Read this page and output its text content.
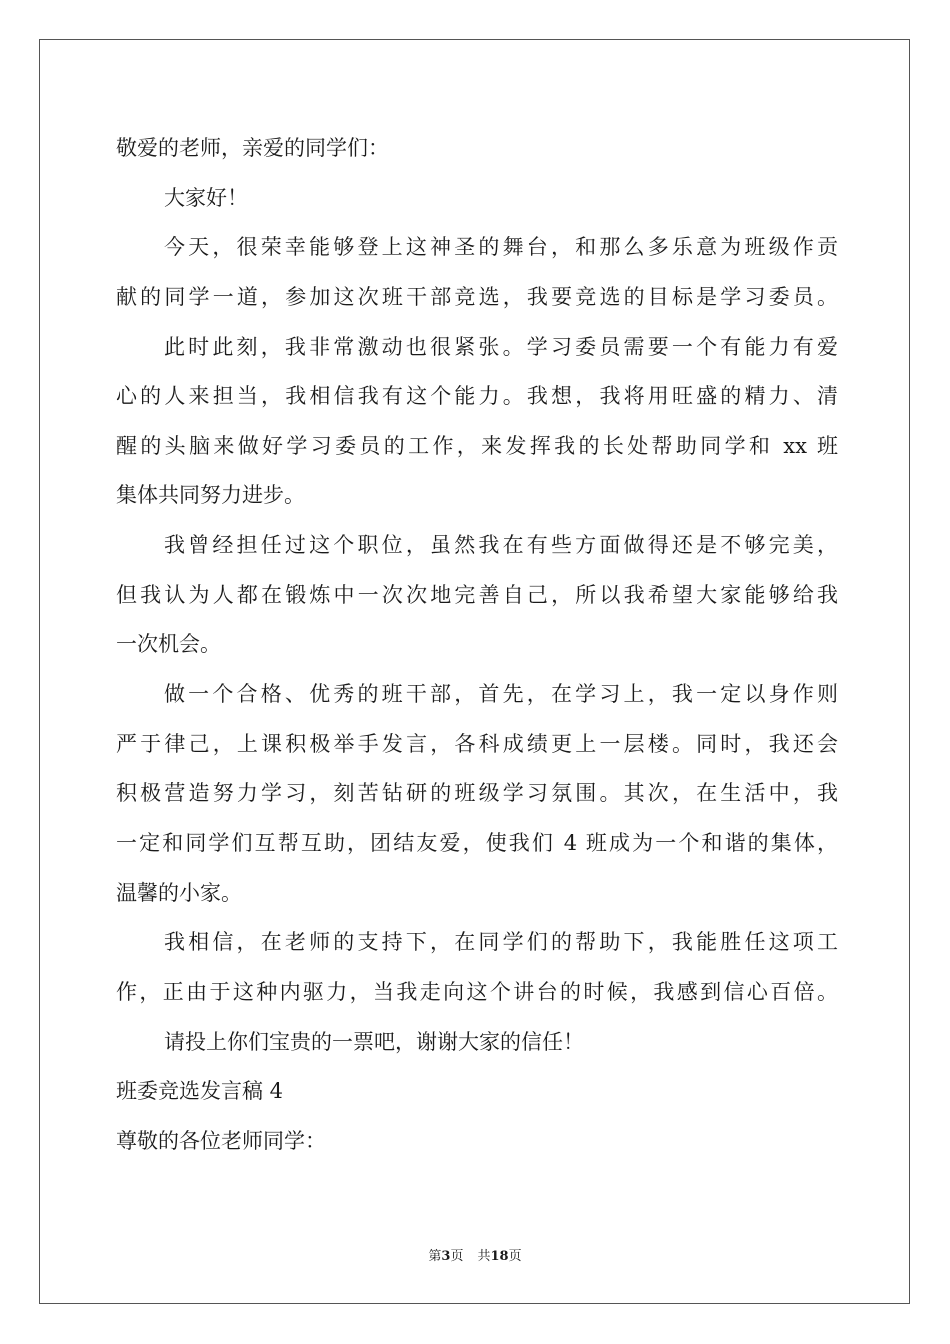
敬爱的老师，亲爱的同学们：
大家好！
今天，很荣幸能够登上这神圣的舞台，和那么多乐意为班级作贡
献的同学一道，参加这次班干部竞选，我要竞选的目标是学习委员。
此时此刻，我非常激动也很紧张。学习委员需要一个有能力有爱
心的人来担当，我相信我有这个能力。我想，我将用旺盛的精力、清
醒的头脑来做好学习委员的工作，来发挥我的长处帮助同学和 xx 班
集体共同努力进步。
我曾经担任过这个职位，虽然我在有些方面做得还是不够完美，
但我认为人都在锻炼中一次次地完善自己，所以我希望大家能够给我
一次机会。
做一个合格、优秀的班干部，首先，在学习上，我一定以身作则
严于律己，上课积极举手发言，各科成绩更上一层楼。同时，我还会
积极营造努力学习，刻苦钻研的班级学习氛围。其次，在生活中，我
一定和同学们互帮互助，团结友爱，使我们 4 班成为一个和谐的集体，
温馨的小家。
我相信，在老师的支持下，在同学们的帮助下，我能胜任这项工
作，正由于这种内驱力，当我走向这个讲台的时候，我感到信心百倍。
请投上你们宝贵的一票吧，谢谢大家的信任！
班委竞选发言稿 4
尊敬的各位老师同学：
第3页 共18页
